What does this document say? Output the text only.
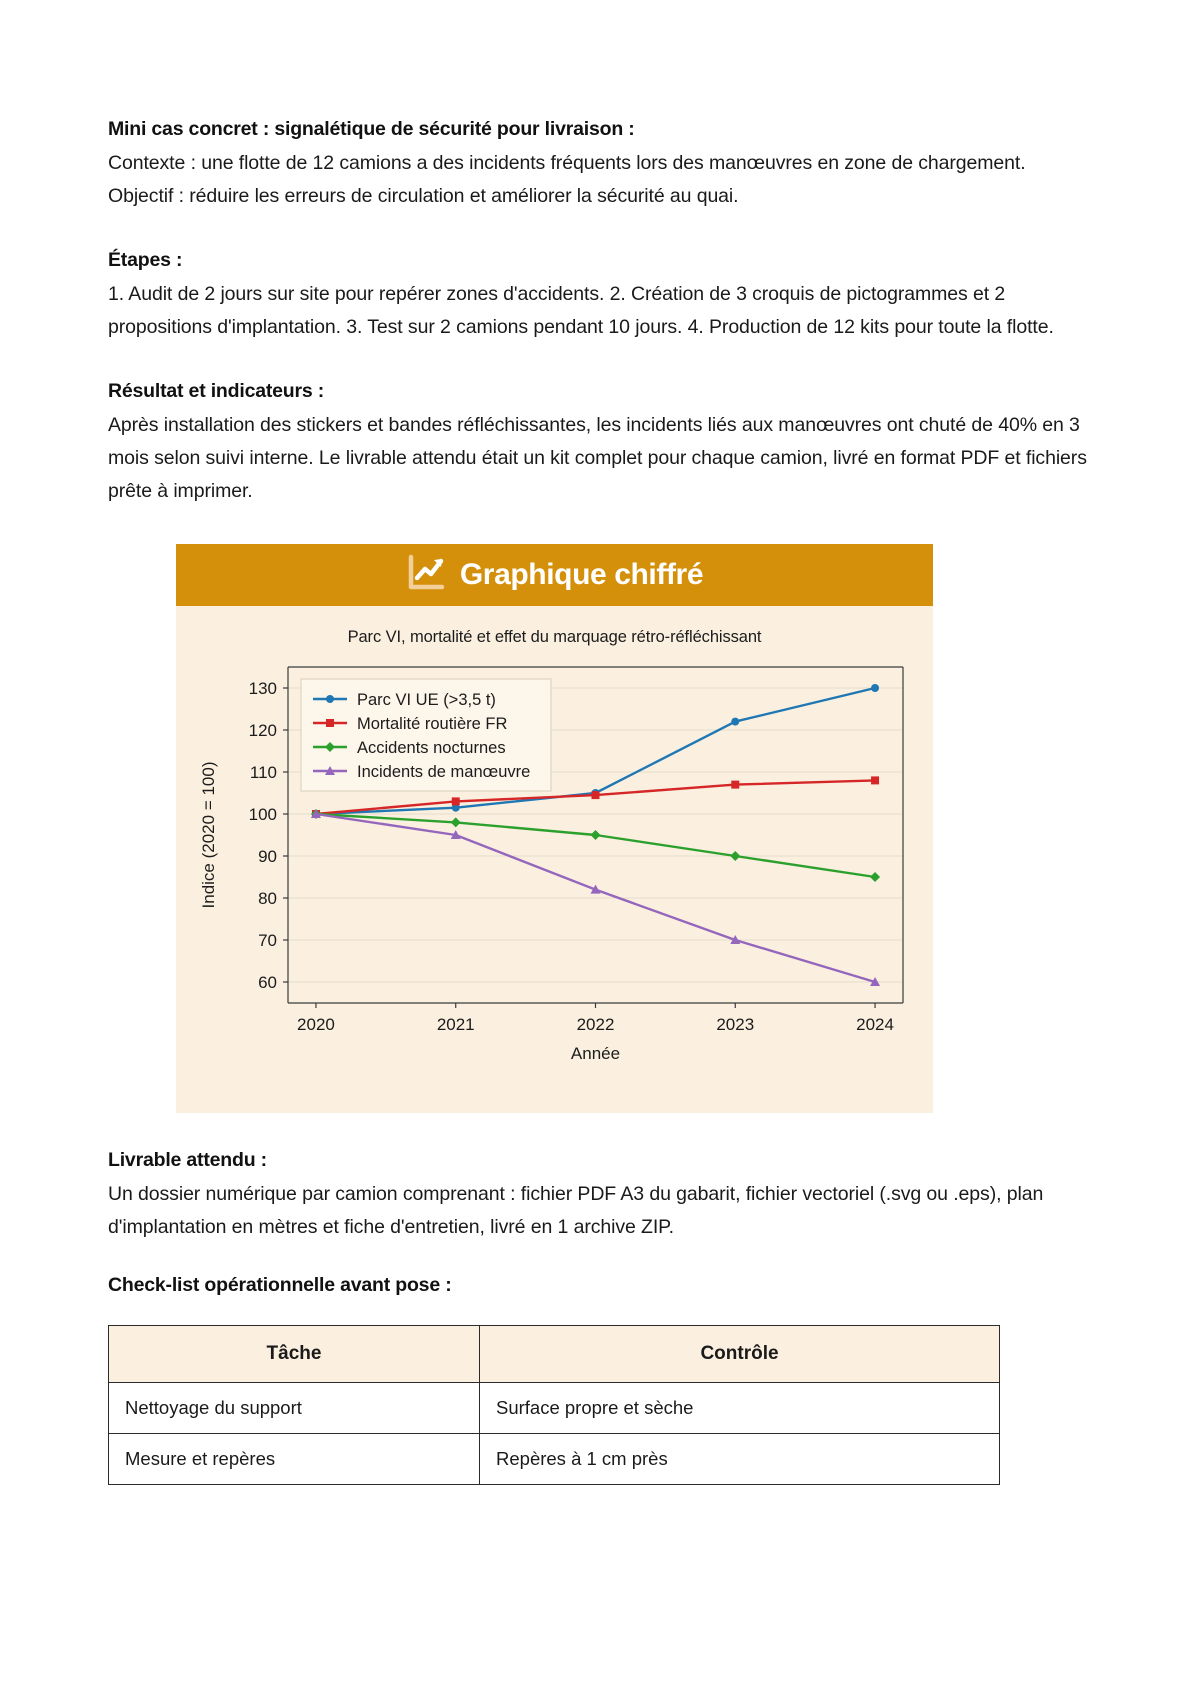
Mini cas concret : signalétique de sécurité pour livraison :

Contexte : une flotte de 12 camions a des incidents fréquents lors des manœuvres en zone de chargement. Objectif : réduire les erreurs de circulation et améliorer la sécurité au quai.

Étapes :

1. Audit de 2 jours sur site pour repérer zones d'accidents. 2. Création de 3 croquis de pictogrammes et 2 propositions d'implantation. 3. Test sur 2 camions pendant 10 jours. 4. Production de 12 kits pour toute la flotte.

Résultat et indicateurs :

Après installation des stickers et bandes réfléchissantes, les incidents liés aux manœuvres ont chuté de 40% en 3 mois selon suivi interne. Le livrable attendu était un kit complet pour chaque camion, livré en format PDF et fichiers prête à imprimer.

Graphique chiffré
Parc VI, mortalité et effet du marquage rétro-réfléchissant
60
70
80
90
100
110
120
130
2020	2021	2022	2023	2024
Année
Indice (2020 = 100)
Parc VI UE (>3,5 t)
Mortalité routière FR
Accidents nocturnes
Incidents de manœuvre
Livrable attendu :

Un dossier numérique par camion comprenant : fichier PDF A3 du gabarit, fichier vectoriel (.svg ou .eps), plan d'implantation en mètres et fiche d'entretien, livré en 1 archive ZIP.

Check-list opérationnelle avant pose :
Tâche	Contrôle
Nettoyage du support	Surface propre et sèche
Mesure et repères	Repères à 1 cm près
